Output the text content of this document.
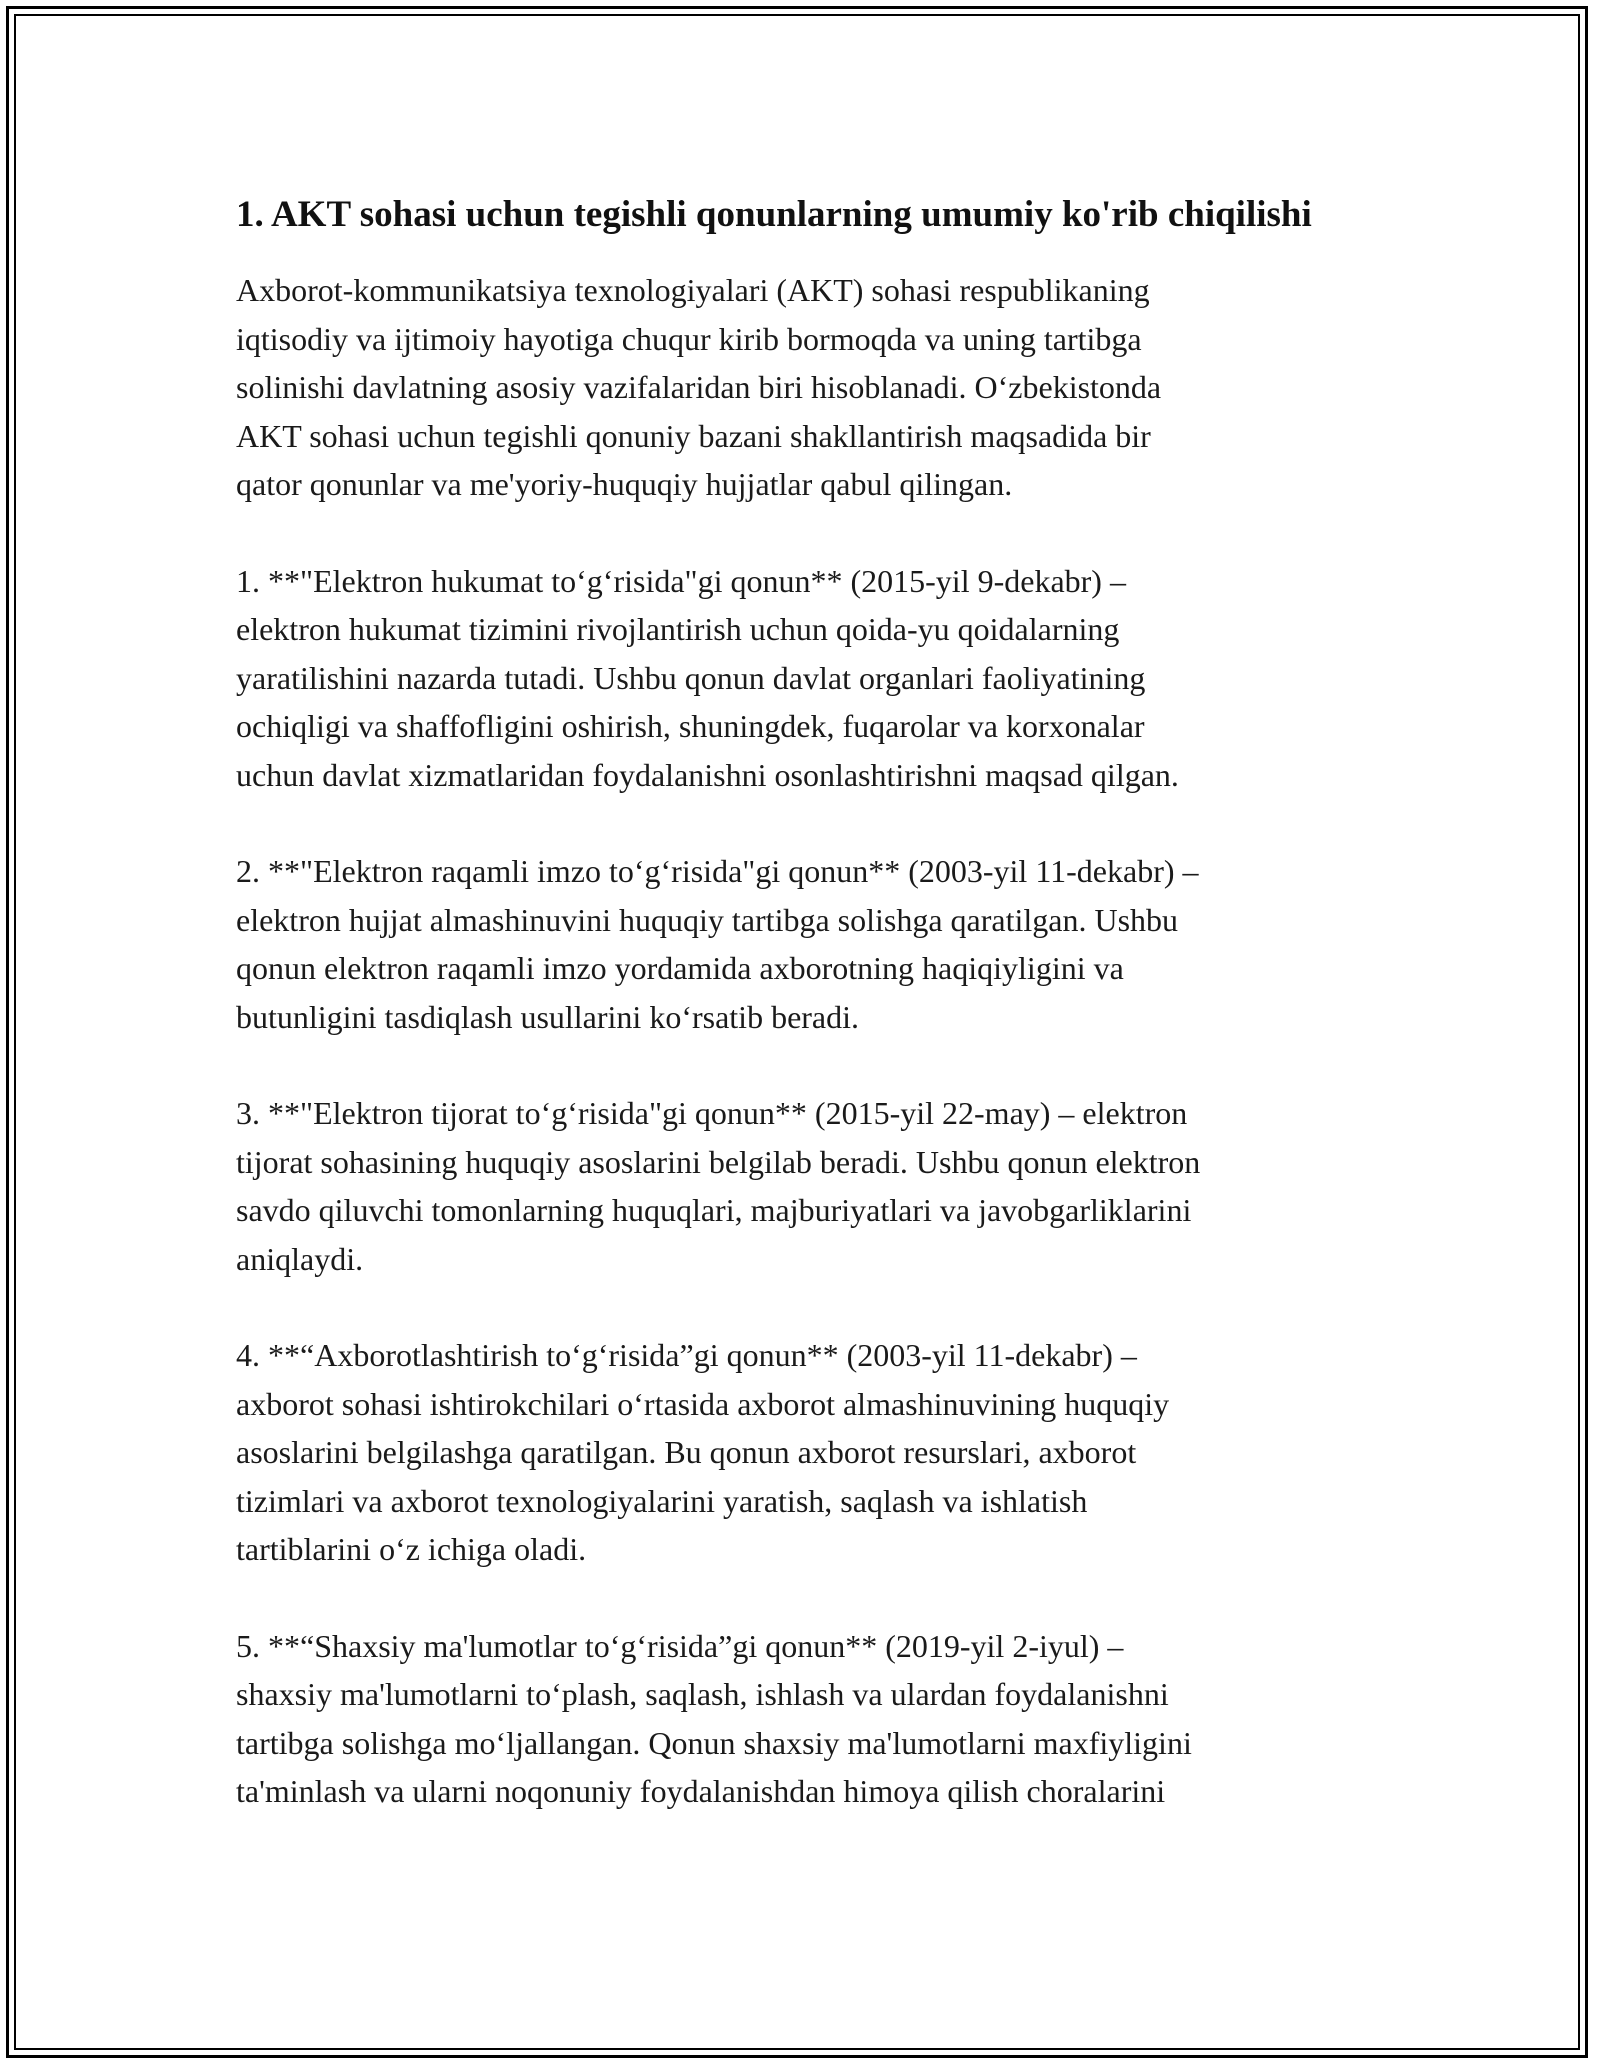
1. AKT sohasi uchun tegishli qonunlarning umumiy ko'rib chiqilishi

Axborot-kommunikatsiya texnologiyalari (AKT) sohasi respublikaning
iqtisodiy va ijtimoiy hayotiga chuqur kirib bormoqda va uning tartibga
solinishi davlatning asosiy vazifalaridan biri hisoblanadi. O‘zbekistonda
AKT sohasi uchun tegishli qonuniy bazani shakllantirish maqsadida bir
qator qonunlar va me'yoriy-huquqiy hujjatlar qabul qilingan.

1. **"Elektron hukumat to‘g‘risida"gi qonun** (2015-yil 9-dekabr) –
elektron hukumat tizimini rivojlantirish uchun qoida-yu qoidalarning
yaratilishini nazarda tutadi. Ushbu qonun davlat organlari faoliyatining
ochiqligi va shaffofligini oshirish, shuningdek, fuqarolar va korxonalar
uchun davlat xizmatlaridan foydalanishni osonlashtirishni maqsad qilgan.

2. **"Elektron raqamli imzo to‘g‘risida"gi qonun** (2003-yil 11-dekabr) –
elektron hujjat almashinuvini huquqiy tartibga solishga qaratilgan. Ushbu
qonun elektron raqamli imzo yordamida axborotning haqiqiyligini va
butunligini tasdiqlash usullarini ko‘rsatib beradi.

3. **"Elektron tijorat to‘g‘risida"gi qonun** (2015-yil 22-may) – elektron
tijorat sohasining huquqiy asoslarini belgilab beradi. Ushbu qonun elektron
savdo qiluvchi tomonlarning huquqlari, majburiyatlari va javobgarliklarini
aniqlaydi.

4. **“Axborotlashtirish to‘g‘risida”gi qonun** (2003-yil 11-dekabr) –
axborot sohasi ishtirokchilari o‘rtasida axborot almashinuvining huquqiy
asoslarini belgilashga qaratilgan. Bu qonun axborot resurslari, axborot
tizimlari va axborot texnologiyalarini yaratish, saqlash va ishlatish
tartiblarini o‘z ichiga oladi.

5. **“Shaxsiy ma'lumotlar to‘g‘risida”gi qonun** (2019-yil 2-iyul) –
shaxsiy ma'lumotlarni to‘plash, saqlash, ishlash va ulardan foydalanishni
tartibga solishga mo‘ljallangan. Qonun shaxsiy ma'lumotlarni maxfiyligini
ta'minlash va ularni noqonuniy foydalanishdan himoya qilish choralarini
